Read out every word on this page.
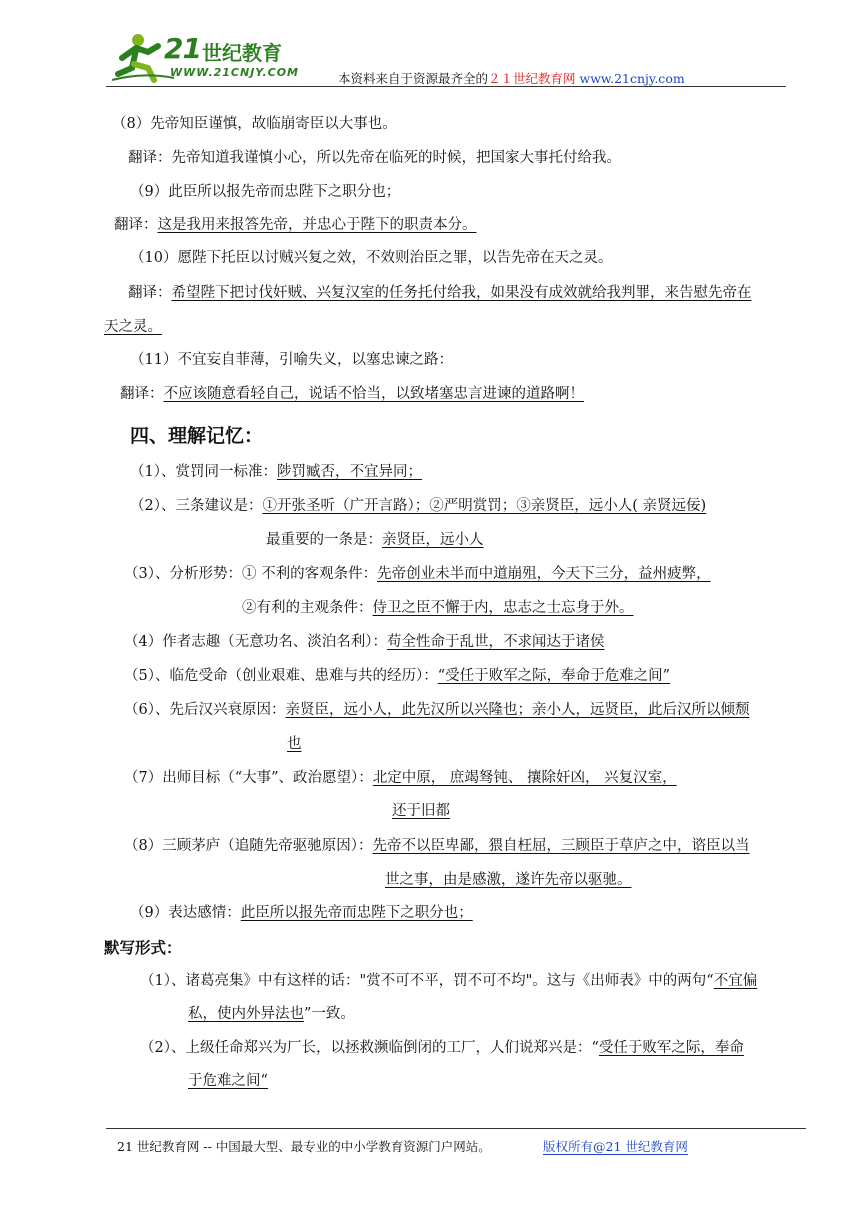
21 世纪教育
WWW.21CNJY.COM	本资料来自于资源最齐全的２１世纪教育网 www.21cnjy.com
（8）先帝知臣谨慎，故临崩寄臣以大事也。
翻译：先帝知道我谨慎小心，所以先帝在临死的时候，把国家大事托付给我。
（9）此臣所以报先帝而忠陛下之职分也；
翻译：这是我用来报答先帝，并忠心于陛下的职责本分。
（10）愿陛下托臣以讨贼兴复之效，不效则治臣之罪，以告先帝在天之灵。
翻译：希望陛下把讨伐奸贼、兴复汉室的任务托付给我，如果没有成效就给我判罪，来告慰先帝在
天之灵。
（11）不宜妄自菲薄，引喻失义，以塞忠谏之路：
翻译：不应该随意看轻自己，说话不恰当，以致堵塞忠言进谏的道路啊！
四、理解记忆：
（1）、赏罚同一标准：陟罚臧否，不宜异同；
（2）、三条建议是：①开张圣听（广开言路）；②严明赏罚；③亲贤臣，远小人( 亲贤远佞)
最重要的一条是：亲贤臣，远小人
（3）、分析形势：① 不利的客观条件：先帝创业未半而中道崩殂，今天下三分，益州疲弊，
②有利的主观条件：侍卫之臣不懈于内，忠志之士忘身于外。
（4）作者志趣（无意功名、淡泊名利）：苟全性命于乱世，不求闻达于诸侯
（5）、临危受命（创业艰难、患难与共的经历）：“受任于败军之际，奉命于危难之间”
（6）、先后汉兴衰原因：亲贤臣，远小人，此先汉所以兴隆也；亲小人，远贤臣，此后汉所以倾颓
也
（7）出师目标（“大事”、政治愿望）：北定中原， 庶竭驽钝、 攘除奸凶， 兴复汉室，
还于旧都
（8）三顾茅庐（追随先帝驱驰原因）：先帝不以臣卑鄙，猥自枉屈，三顾臣于草庐之中，谘臣以当
世之事，由是感激，遂许先帝以驱驰。
（9）表达感情：此臣所以报先帝而忠陛下之职分也；
默写形式：
（1）、诸葛亮集》中有这样的话："赏不可不平，罚不可不均"。这与《出师表》中的两句“不宜偏
私，使内外异法也”一致。
（2）、上级任命郑兴为厂长，以拯救濒临倒闭的工厂，人们说郑兴是：“受任于败军之际，奉命
于危难之间“
21 世纪教育网 -- 中国最大型、最专业的中小学教育资源门户网站。	版权所有@21 世纪教育网
